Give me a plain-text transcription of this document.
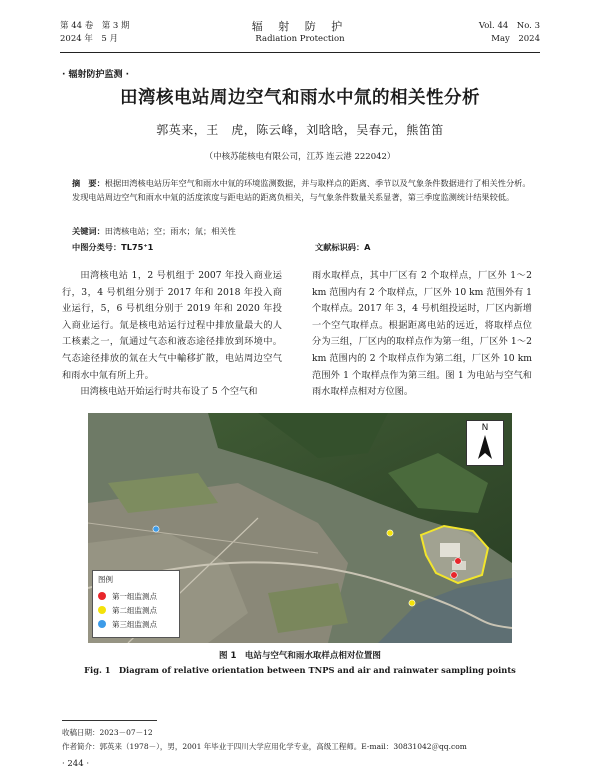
第 44 卷　第 3 期
2024 年　5 月
辐 射 防 护
Radiation Protection
Vol. 44　No. 3
May　2024
· 辐射防护监测 ·
田湾核电站周边空气和雨水中氚的相关性分析
郭英来，王　虎，陈云峰，刘晗晗，吴春元，熊笛笛
（中核苏能核电有限公司，江苏 连云港 222042）
摘　要：根据田湾核电站历年空气和雨水中氚的环境监测数据，并与取样点的距离、季节以及气象条件数据进行了相关性分析。发现电站周边空气和雨水中氚的活度浓度与距电站的距离负相关，与气象条件数量关系显著，第三季度监测统计结果较低。
关键词：田湾核电站；空；雨水；氚；相关性
中图分类号：TL75⁺1	文献标识码：A

田湾核电站 1，2 号机组于 2007 年投入商业运行，3，4 号机组分别于 2017 年和 2018 年投入商业运行，5，6 号机组分别于 2019 年和 2020 年投入商业运行。氚是核电站运行过程中排放量最大的人工核素之一，氚通过气态和液态途径排放到环境中。气态途径排放的氚在大气中輸移扩散，电站周边空气和雨水中氚有所上升。

田湾核电站开始运行时共布设了 5 个空气和

雨水取样点，其中厂区有 2 个取样点，厂区外 1～2 km 范围内有 2 个取样点，厂区外 10 km 范围外有 1 个取样点。2017 年 3，4 号机组投运时，厂区内新增一个空气取样点。根据距离电站的远近，将取样点位分为三组，厂区内的取样点作为第一组，厂区外 1～2 km 范围内的 2 个取样点作为第二组，厂区外 10 km 范围外 1 个取样点作为第三组。图 1 为电站与空气和雨水取样点相对方位图。

N
图例
第一组监测点
第二组监测点
第三组监测点
图 1　电站与空气和雨水取样点相对位置图
Fig. 1　Diagram of relative orientation between TNPS and air and rainwater sampling points
收稿日期：2023－07－12
作者简介：郭英来（1978－），男，2001 年毕业于四川大学应用化学专业，高级工程师。E-mail：30831042＠qq.com
· 244 ·
